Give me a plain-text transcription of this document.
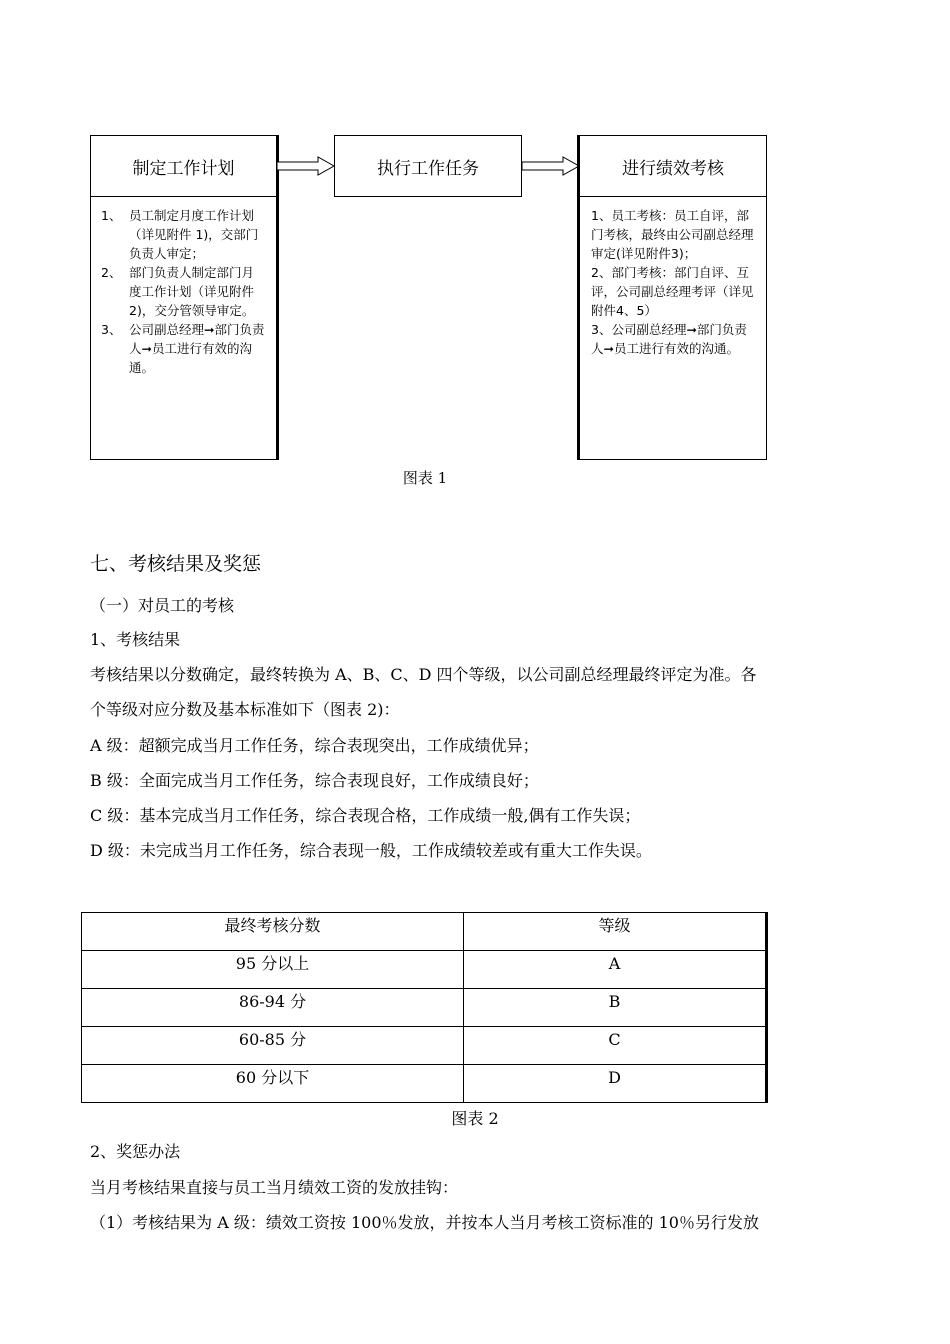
制定工作计划
1、 员工制定月度工作计划（详见附件 1)，交部门负责人审定；
2、 部门负责人制定部门月度工作计划（详见附件 2)，交分管领导审定。
3、 公司副总经理➞部门负责人➞员工进行有效的沟通。
执行工作任务	进行绩效考核
1、员工考核：员工自评，部门考核，最终由公司副总经理审定(详见附件3)；
2、部门考核：部门自评、互评，公司副总经理考评（详见附件4、5）
3、公司副总经理➞部门负责人➞员工进行有效的沟通。
图表 1
七、考核结果及奖惩
（一）对员工的考核
1、考核结果
考核结果以分数确定，最终转换为 A、B、C、D 四个等级，以公司副总经理最终评定为准。各
个等级对应分数及基本标准如下（图表 2)：
A 级：超额完成当月工作任务，综合表现突出，工作成绩优异；
B 级：全面完成当月工作任务，综合表现良好，工作成绩良好；
C 级：基本完成当月工作任务，综合表现合格，工作成绩一般,偶有工作失误；
D 级：未完成当月工作任务，综合表现一般，工作成绩较差或有重大工作失误。
最终考核分数	等级
95 分以上	A
86-94 分	B
60-85 分	C
60 分以下	D
图表 2
2、奖惩办法
当月考核结果直接与员工当月绩效工资的发放挂钩：
（1）考核结果为 A 级：绩效工资按 100％发放，并按本人当月考核工资标准的 10％另行发放
